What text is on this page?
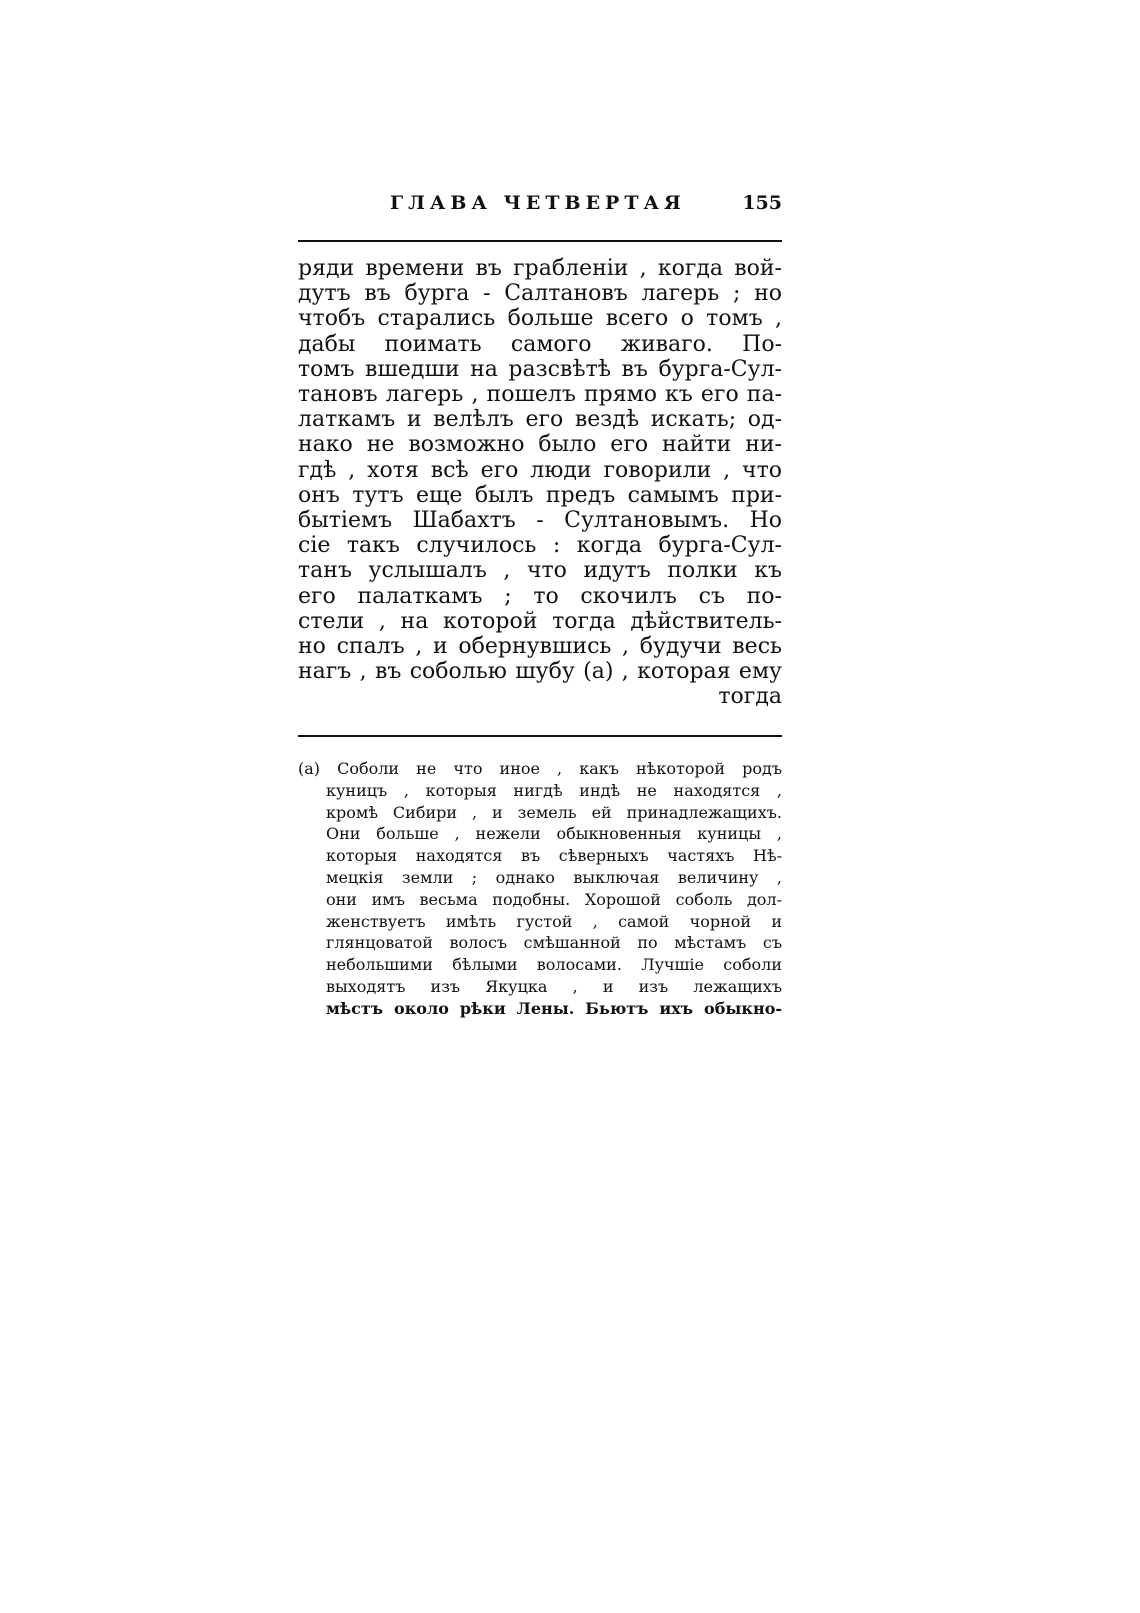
ГЛАВА ЧЕТВЕРТАЯ	155
ряди времени въ грабленіи , когда вой-
дутъ въ бурга - Салтановъ лагерь ; но
чтобъ старались больше всего о томъ ,
дабы поимать самого живаго. По-
томъ вшедши на разсвѣтѣ въ бурга-Сул-
тановъ лагерь , пошелъ прямо къ его па-
латкамъ и велѣлъ его вездѣ искать; од-
нако не возможно было его найти ни-
гдѣ , хотя всѣ его люди говорили , что
онъ тутъ еще былъ предъ самымъ при-
бытіемъ Шабахтъ - Султановымъ. Но
сіе такъ случилось : когда бурга-Сул-
танъ услышалъ , что идутъ полки къ
его палаткамъ ; то скочилъ съ по-
стели , на которой тогда дѣйствитель-
но спалъ , и обернувшись , будучи весь
нагъ , въ соболью шубу (а) , которая ему
тогда
(а) Соболи не что иное , какъ нѣкоторой родъ
куницъ , которыя нигдѣ индѣ не находятся ,
кромѣ Сибири , и земель ей принадлежащихъ.
Они больше , нежели обыкновенныя куницы ,
которыя находятся въ сѣверныхъ частяхъ Нѣ-
мецкія земли ; однако выключая величину ,
они имъ весьма подобны. Хорошой соболь дол-
женствуетъ имѣть густой , самой чорной и
глянцоватой волосъ смѣшанной по мѣстамъ съ
небольшими бѣлыми волосами. Лучшіе соболи
выходятъ изъ Якуцка , и изъ лежащихъ
мѣстъ около рѣки Лены. Бьютъ ихъ обыкно-
